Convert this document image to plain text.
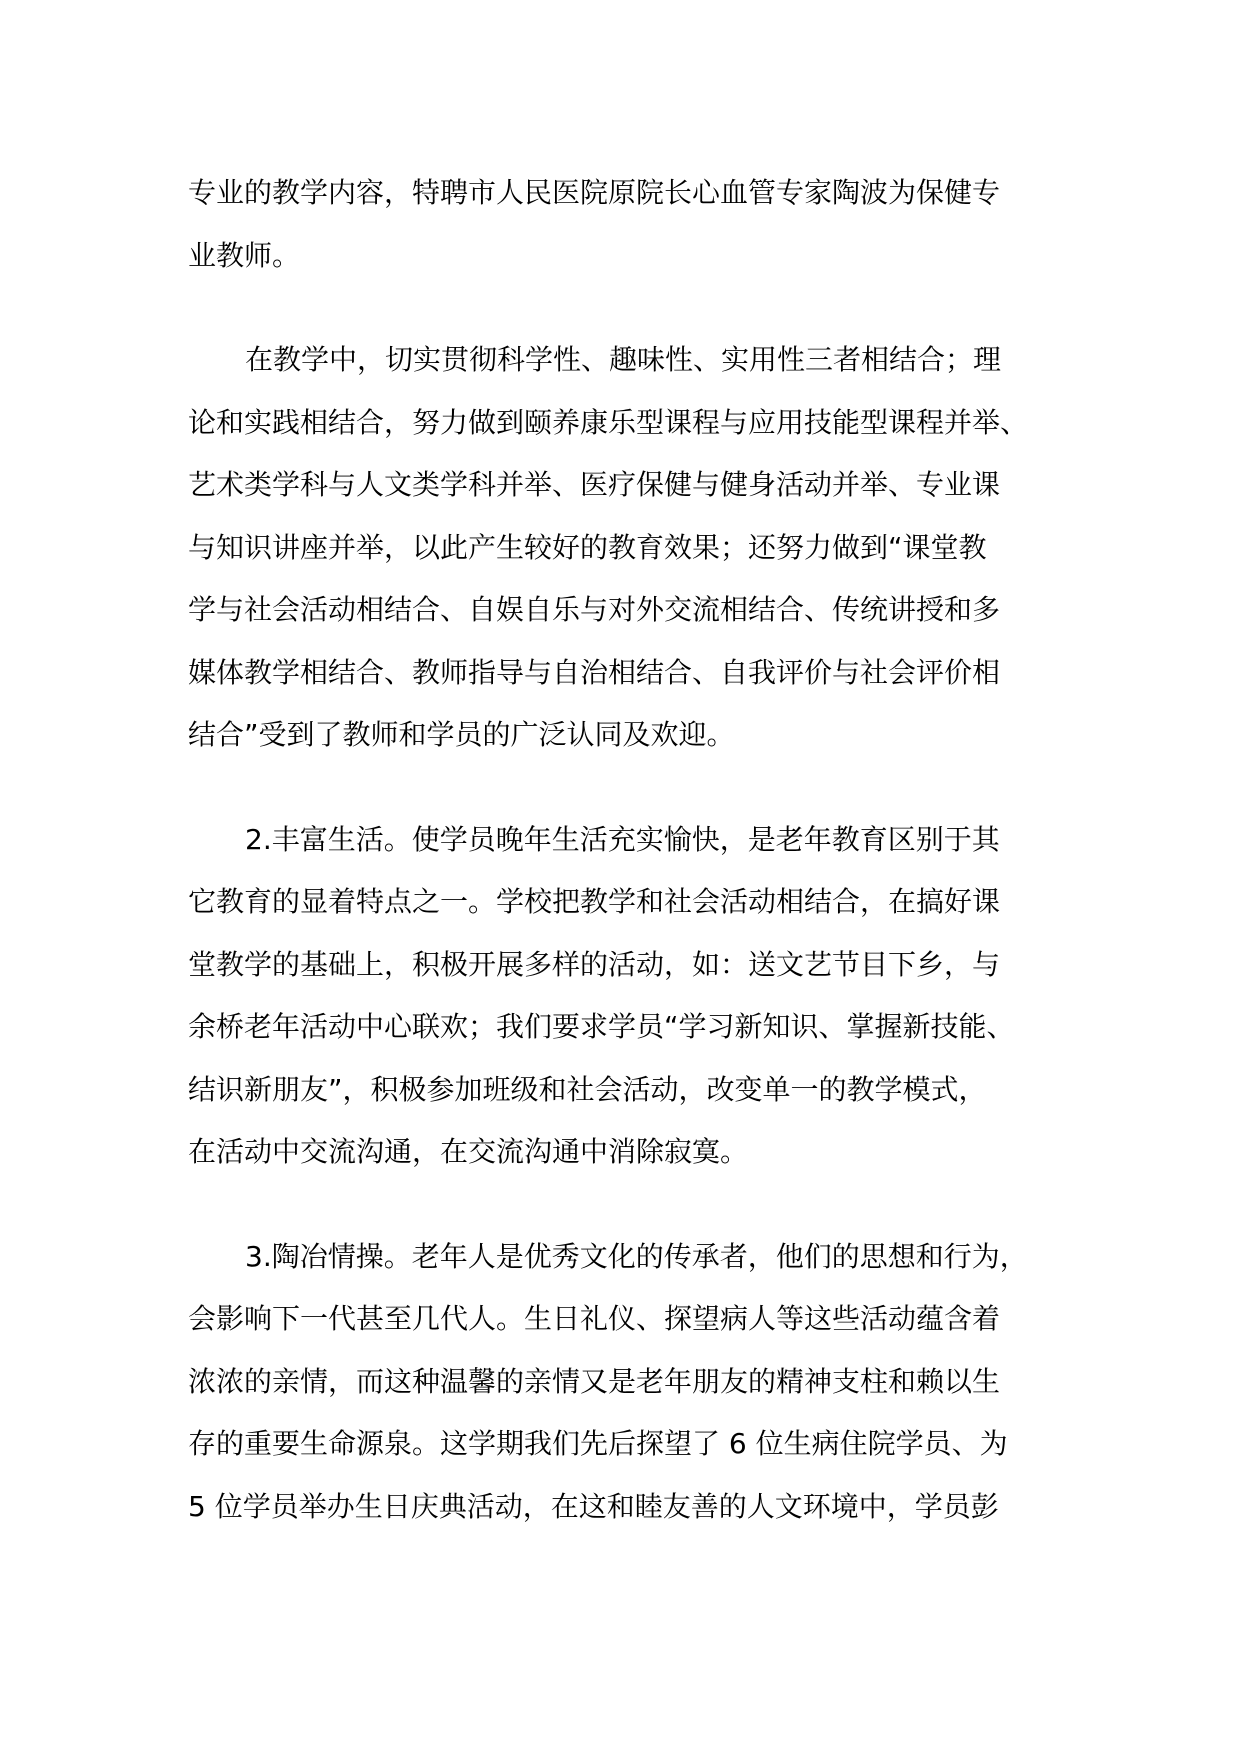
专业的教学内容，特聘市人民医院原院长心血管专家陶波为保健专
业教师。
在教学中，切实贯彻科学性、趣味性、实用性三者相结合；理
论和实践相结合，努力做到颐养康乐型课程与应用技能型课程并举、
艺术类学科与人文类学科并举、医疗保健与健身活动并举、专业课
与知识讲座并举，以此产生较好的教育效果；还努力做到“课堂教
学与社会活动相结合、自娱自乐与对外交流相结合、传统讲授和多
媒体教学相结合、教师指导与自治相结合、自我评价与社会评价相
结合”受到了教师和学员的广泛认同及欢迎。
2.丰富生活。使学员晚年生活充实愉快，是老年教育区别于其
它教育的显着特点之一。学校把教学和社会活动相结合，在搞好课
堂教学的基础上，积极开展多样的活动，如：送文艺节目下乡，与
余桥老年活动中心联欢；我们要求学员“学习新知识、掌握新技能、
结识新朋友”，积极参加班级和社会活动，改变单一的教学模式，
在活动中交流沟通，在交流沟通中消除寂寞。
3.陶冶情操。老年人是优秀文化的传承者，他们的思想和行为，
会影响下一代甚至几代人。生日礼仪、探望病人等这些活动蕴含着
浓浓的亲情，而这种温馨的亲情又是老年朋友的精神支柱和赖以生
存的重要生命源泉。这学期我们先后探望了 6 位生病住院学员、为
5 位学员举办生日庆典活动，在这和睦友善的人文环境中，学员彭
